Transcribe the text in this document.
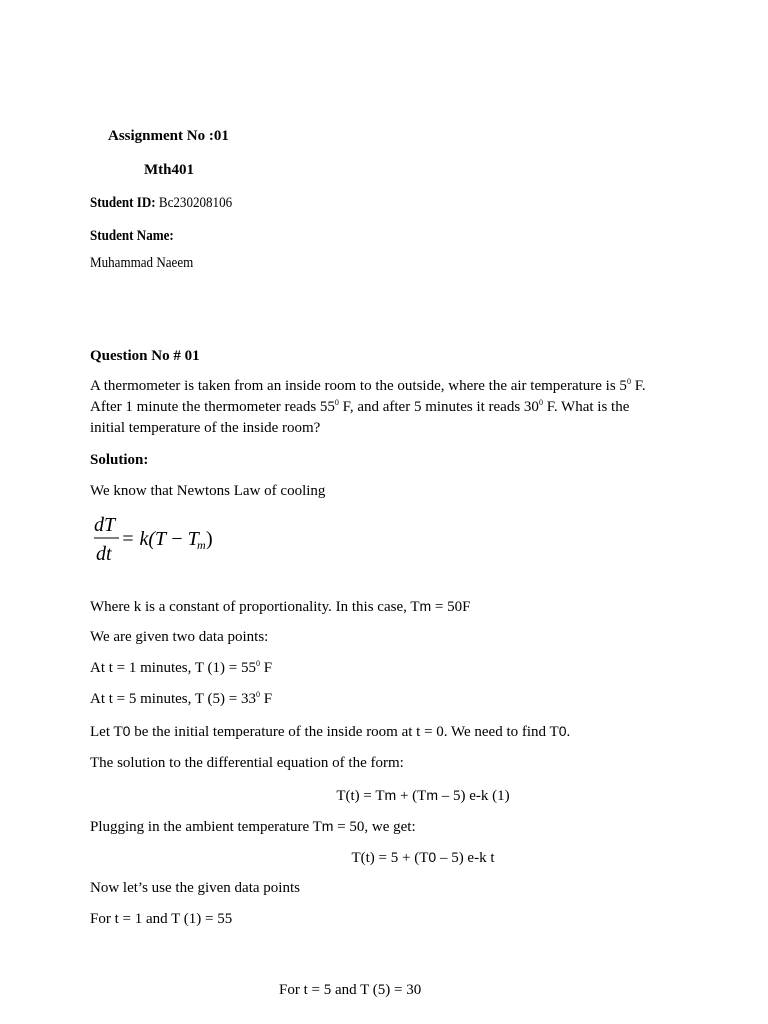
Assignment No :01
Mth401
Student ID: Bc230208106
Student Name:
Muhammad Naeem
Question No # 01
A thermometer is taken from an inside room to the outside, where the air temperature is $5^0$ F.
After 1 minute the thermometer reads $55^0$ F, and after 5 minutes it reads $30^0$ F. What is the
initial temperature of the inside room?
Solution:
We know that Newtons Law of cooling
dT
dt
= k(T − T
m )
Where k is a constant of proportionality. In this case, Tm = 50F
We are given two data points:
At t = 1 minutes, T $(1) = 55^0$ F
At t = 5 minutes, T $(5) = 33^0$ F
Let T0 be the initial temperature of the inside room at t = 0. We need to find T0.
The solution to the differential equation of the form:
T(t) = Tm + (Tm – 5) e-k (1)
Plugging in the ambient temperature Tm = 50, we get:
T(t) = 5 + (T0 – 5) e-k t
Now let’s use the given data points
For t = 1 and T (1) = 55
For t = 5 and T (5) = 30
